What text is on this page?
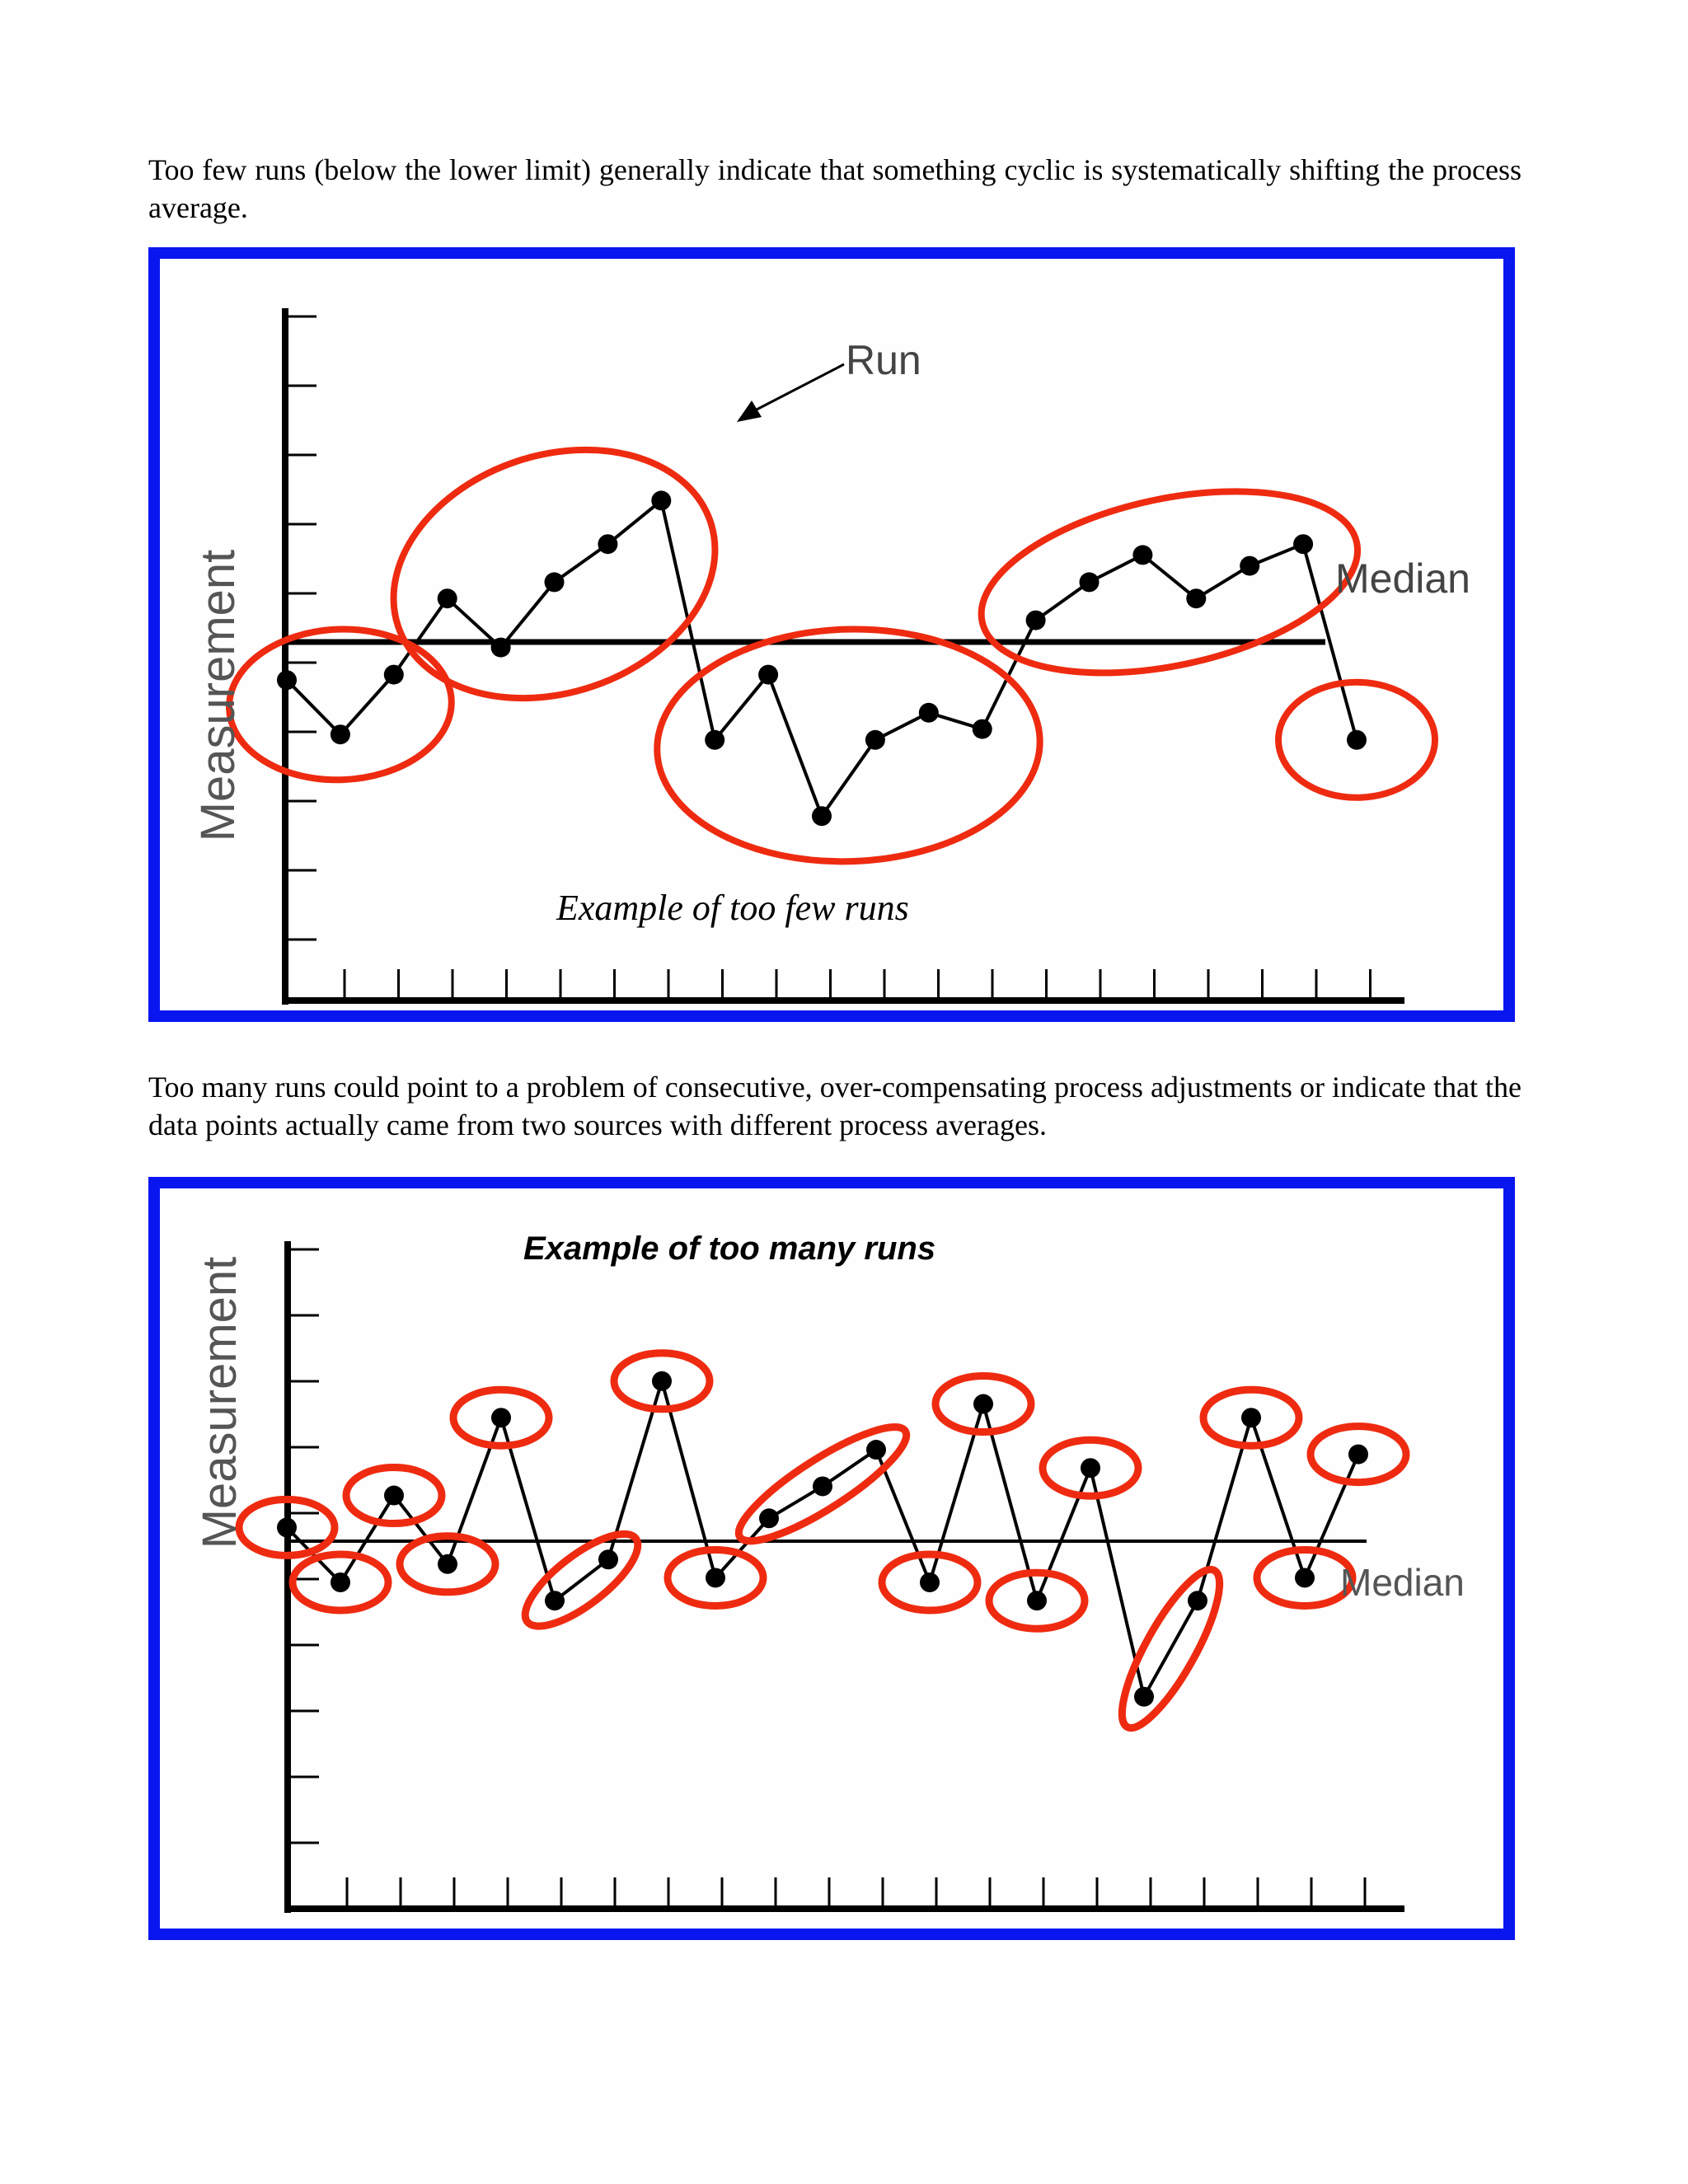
Too few runs (below the lower limit) generally indicate that something cyclic is systematically shifting the process average.
Measurement	Median
Run
Example of too few runs
Too many runs could point to a problem of consecutive, over-compensating process adjustments or indicate that the data points actually came from two sources with different process averages.
Measurement
Median
Example of too many runs
